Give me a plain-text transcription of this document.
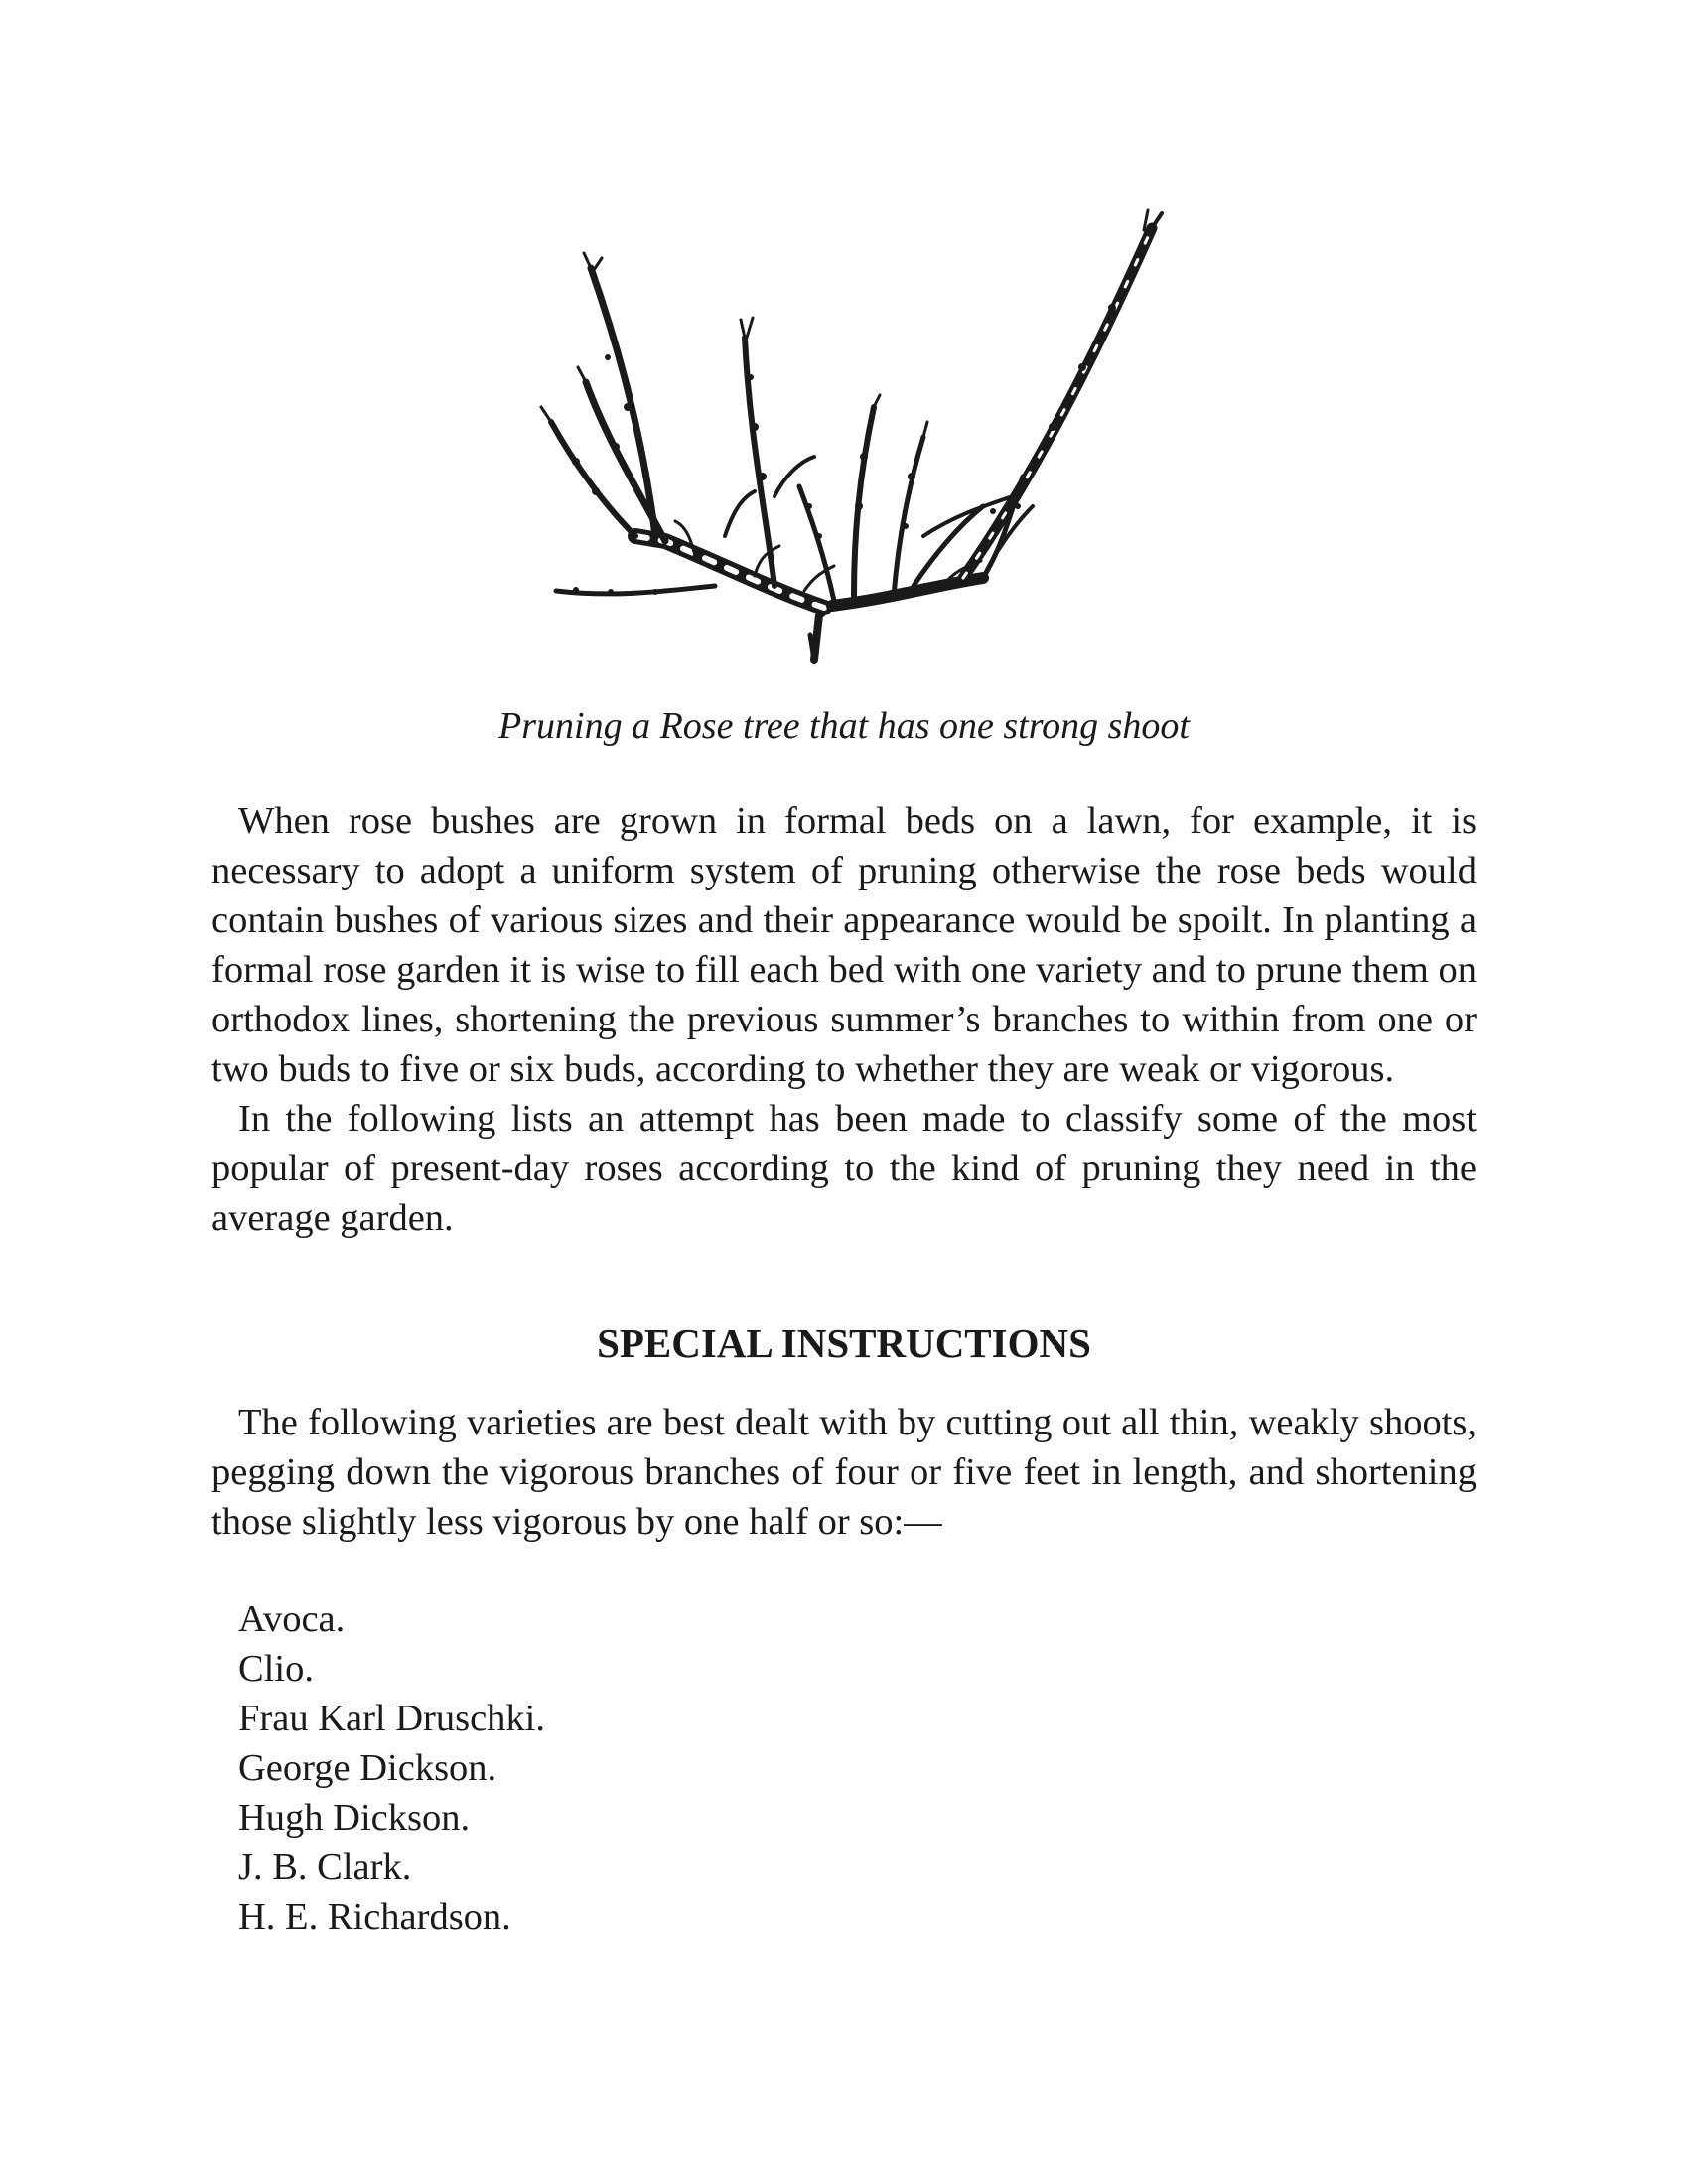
Pruning a Rose tree that has one strong shoot

When rose bushes are grown in formal beds on a lawn, for example, it is necessary to adopt a uniform system of pruning otherwise the rose beds would contain bushes of various sizes and their appearance would be spoilt. In planting a formal rose garden it is wise to fill each bed with one variety and to prune them on orthodox lines, shortening the previous summer’s branches to within from one or two buds to five or six buds, according to whether they are weak or vigorous.

In the following lists an attempt has been made to classify some of the most popular of present-day roses according to the kind of pruning they need in the average garden.

SPECIAL INSTRUCTIONS

The following varieties are best dealt with by cutting out all thin, weakly shoots, pegging down the vigorous branches of four or five feet in length, and shortening those slightly less vigorous by one half or so:—

Avoca.
Clio.
Frau Karl Druschki.
George Dickson.
Hugh Dickson.
J. B. Clark.
H. E. Richardson.
